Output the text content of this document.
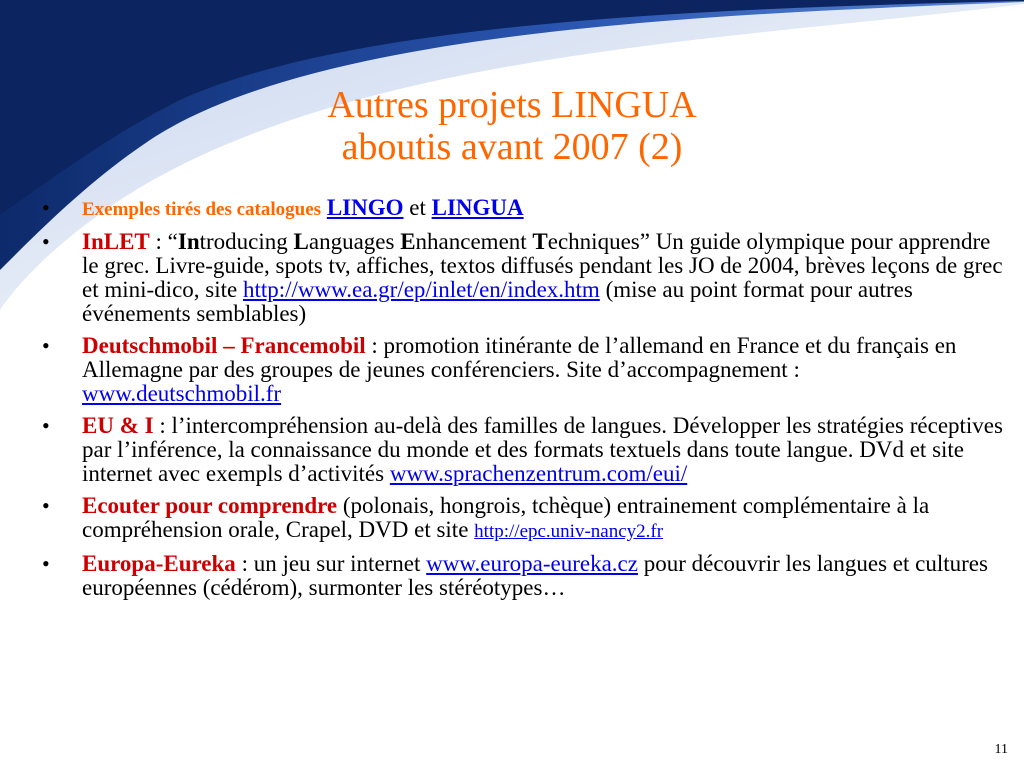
Autres projets LINGUA
aboutis avant 2007 (2)
• Exemples tirés des catalogues LINGO et LINGUA
• InLET : “Introducing Languages Enhancement Techniques” Un guide olympique pour apprendre le grec. Livre-guide, spots tv, affiches, textos diffusés pendant les JO de 2004, brèves leçons de grec et mini-dico, site http://www.ea.gr/ep/inlet/en/index.htm (mise au point format pour autres événements semblables)
• Deutschmobil – Francemobil : promotion itinérante de l’allemand en France et du français en Allemagne par des groupes de jeunes conférenciers. Site d’accompagnement : www.deutschmobil.fr
• EU & I : l’intercompréhension au-delà des familles de langues. Développer les stratégies réceptives par l’inférence, la connaissance du monde et des formats textuels dans toute langue. DVd et site internet avec exempls d’activités www.sprachenzentrum.com/eui/
• Ecouter pour comprendre (polonais, hongrois, tchèque) entrainement complémentaire à la compréhension orale, Crapel, DVD et site http://epc.univ-nancy2.fr
• Europa-Eureka : un jeu sur internet www.europa-eureka.cz pour découvrir les langues et cultures européennes (cédérom), surmonter les stéréotypes…
11
